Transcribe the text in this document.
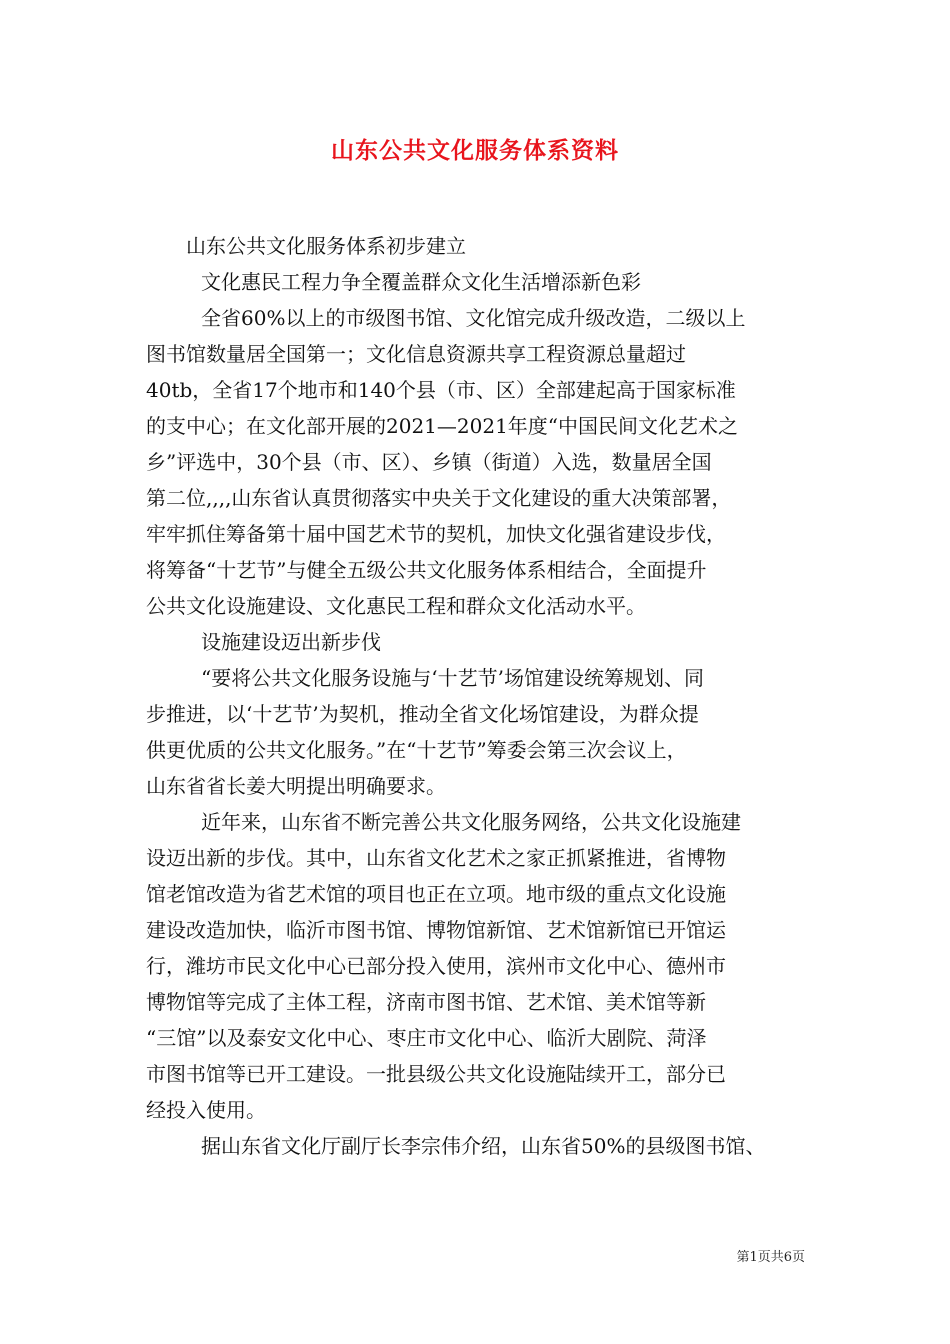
山东公共文化服务体系资料

山东公共文化服务体系初步建立

文化惠民工程力争全覆盖群众文化生活增添新色彩

全省60%以上的市级图书馆、文化馆完成升级改造，二级以上
图书馆数量居全国第一；文化信息资源共享工程资源总量超过
40tb，全省17个地市和140个县（市、区）全部建起高于国家标准
的支中心；在文化部开展的2021—2021年度“中国民间文化艺术之
乡”评选中，30个县（市、区）、乡镇（街道）入选，数量居全国
第二位,,,,山东省认真贯彻落实中央关于文化建设的重大决策部署，
牢牢抓住筹备第十届中国艺术节的契机，加快文化强省建设步伐，
将筹备“十艺节”与健全五级公共文化服务体系相结合，全面提升
公共文化设施建设、文化惠民工程和群众文化活动水平。

设施建设迈出新步伐

“要将公共文化服务设施与‘十艺节’场馆建设统筹规划、同
步推进，以‘十艺节’为契机，推动全省文化场馆建设，为群众提
供更优质的公共文化服务。”在“十艺节”筹委会第三次会议上，
山东省省长姜大明提出明确要求。

近年来，山东省不断完善公共文化服务网络，公共文化设施建
设迈出新的步伐。其中，山东省文化艺术之家正抓紧推进，省博物
馆老馆改造为省艺术馆的项目也正在立项。地市级的重点文化设施
建设改造加快，临沂市图书馆、博物馆新馆、艺术馆新馆已开馆运
行，潍坊市民文化中心已部分投入使用，滨州市文化中心、德州市
博物馆等完成了主体工程，济南市图书馆、艺术馆、美术馆等新
“三馆”以及泰安文化中心、枣庄市文化中心、临沂大剧院、菏泽
市图书馆等已开工建设。一批县级公共文化设施陆续开工，部分已
经投入使用。

据山东省文化厅副厅长李宗伟介绍，山东省50%的县级图书馆、

第1页共6页
